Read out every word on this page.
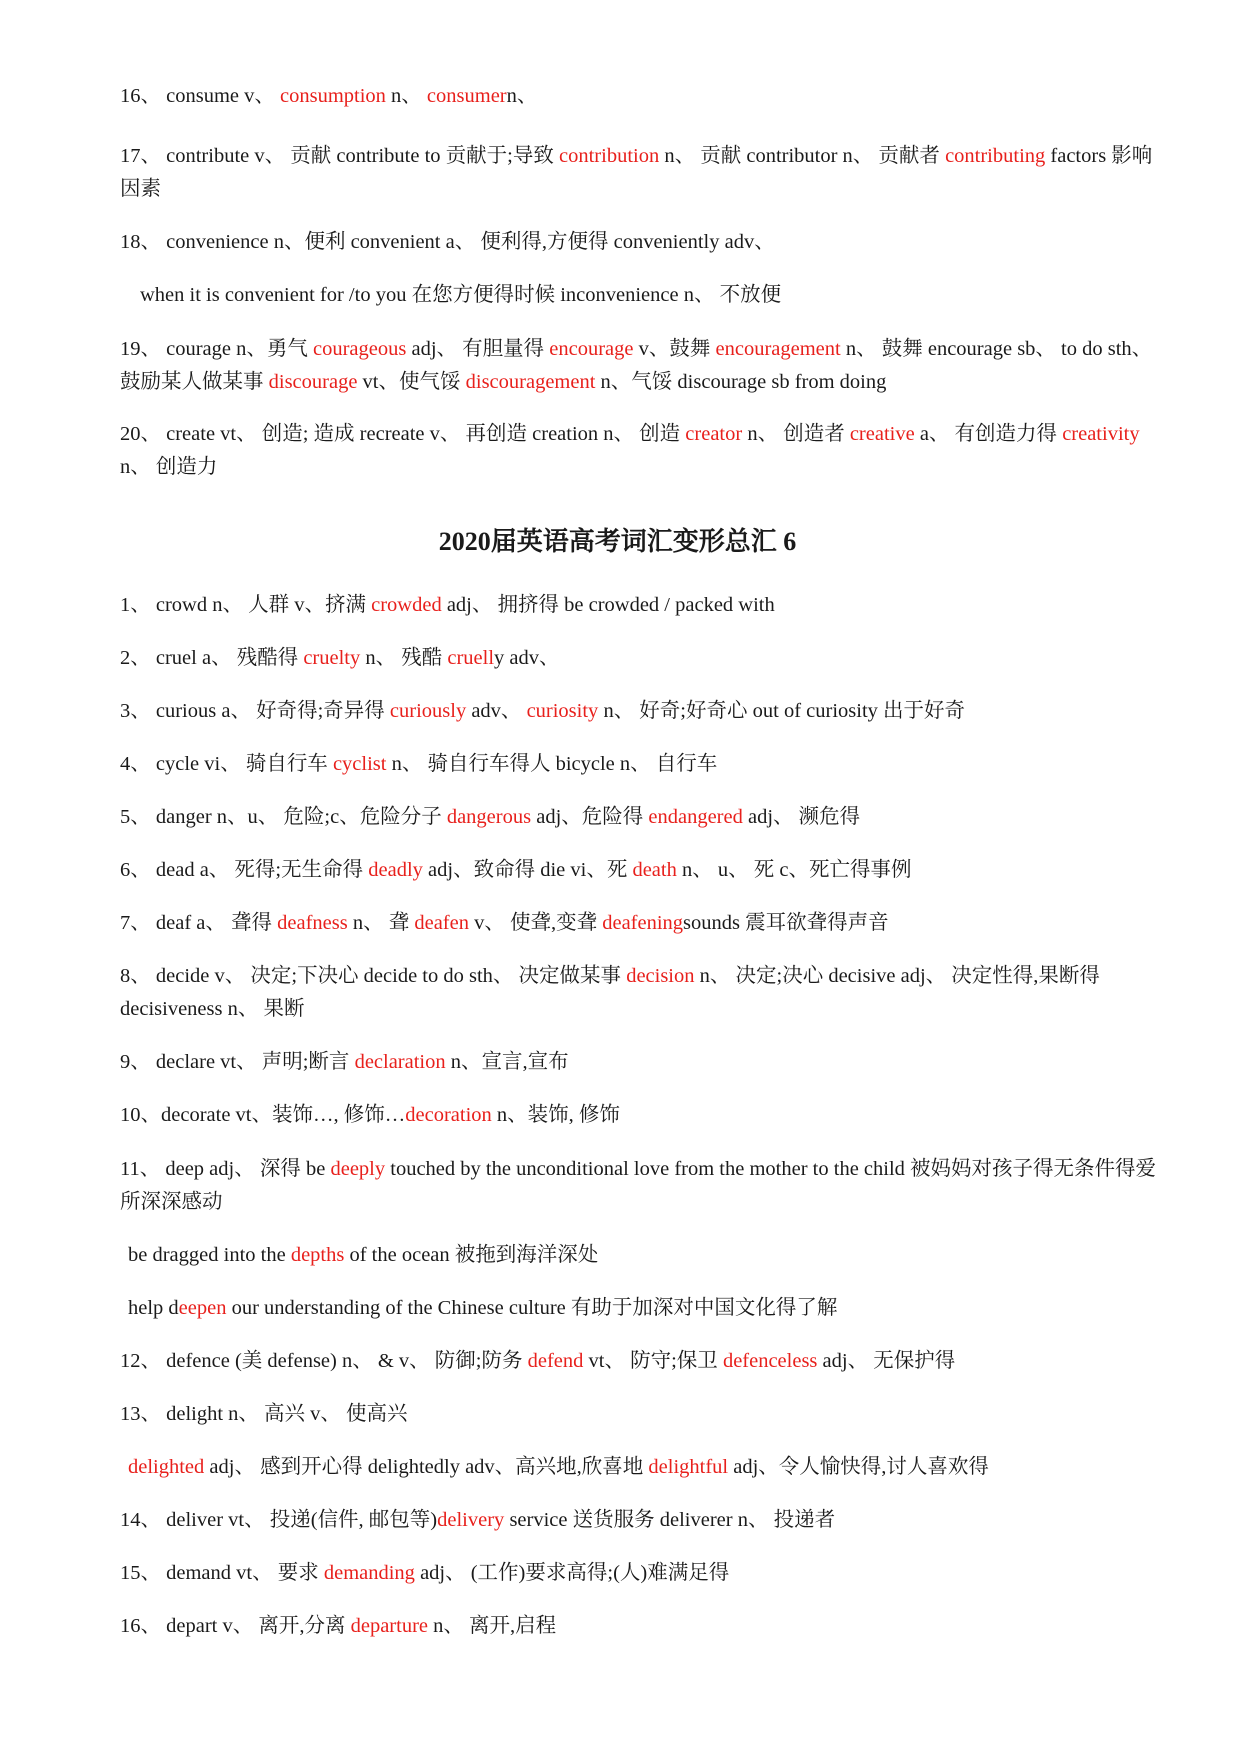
16、 consume v、 consumption n、 consumern、
17、 contribute v、 贡献 contribute to 贡献于;导致 contribution n、 贡献 contributor n、 贡献者 contributing factors 影响因素
18、 convenience n、便利 convenient a、 便利得,方便得 conveniently adv、
when it is convenient for /to you 在您方便得时候 inconvenience n、 不放便
19、 courage n、勇气 courageous adj、 有胆量得 encourage v、鼓舞 encouragement n、 鼓舞 encourage sb、 to do sth、鼓励某人做某事 discourage vt、使气馁 discouragement n、气馁 discourage sb from doing
20、 create vt、 创造; 造成 recreate v、 再创造 creation n、 创造 creator n、 创造者 creative a、 有创造力得 creativity n、 创造力
2020届英语高考词汇变形总汇 6
1、 crowd n、 人群 v、挤满 crowded adj、 拥挤得 be crowded / packed with
2、 cruel a、 残酷得 cruelty n、 残酷 cruelly adv、
3、 curious a、 好奇得;奇异得 curiously adv、 curiosity n、 好奇;好奇心 out of curiosity 出于好奇
4、 cycle vi、 骑自行车 cyclist n、 骑自行车得人 bicycle n、 自行车
5、 danger n、u、 危险;c、危险分子 dangerous adj、危险得 endangered adj、 濒危得
6、 dead a、 死得;无生命得 deadly adj、致命得 die vi、死 death n、 u、 死 c、死亡得事例
7、 deaf a、 聋得 deafness n、 聋 deafen v、 使聋,变聋 deafeningsounds 震耳欲聋得声音
8、 decide v、 决定;下决心 decide to do sth、 决定做某事 decision n、 决定;决心 decisive adj、 决定性得,果断得 decisiveness n、 果断
9、 declare vt、 声明;断言 declaration n、宣言,宣布
10、decorate vt、装饰…, 修饰…decoration n、装饰, 修饰
11、 deep adj、 深得 be deeply touched by the unconditional love from the mother to the child 被妈妈对孩子得无条件得爱所深深感动
be dragged into the depths of the ocean 被拖到海洋深处
help deepen our understanding of the Chinese culture 有助于加深对中国文化得了解
12、 defence (美 defense) n、 & v、 防御;防务 defend vt、 防守;保卫 defenceless adj、 无保护得
13、 delight n、 高兴 v、 使高兴
delighted adj、 感到开心得 delightedly adv、高兴地,欣喜地 delightful adj、令人愉快得,讨人喜欢得
14、 deliver vt、 投递(信件, 邮包等)delivery service 送货服务 deliverer n、 投递者
15、 demand vt、 要求 demanding adj、 (工作)要求高得;(人)难满足得
16、 depart v、 离开,分离 departure n、 离开,启程
